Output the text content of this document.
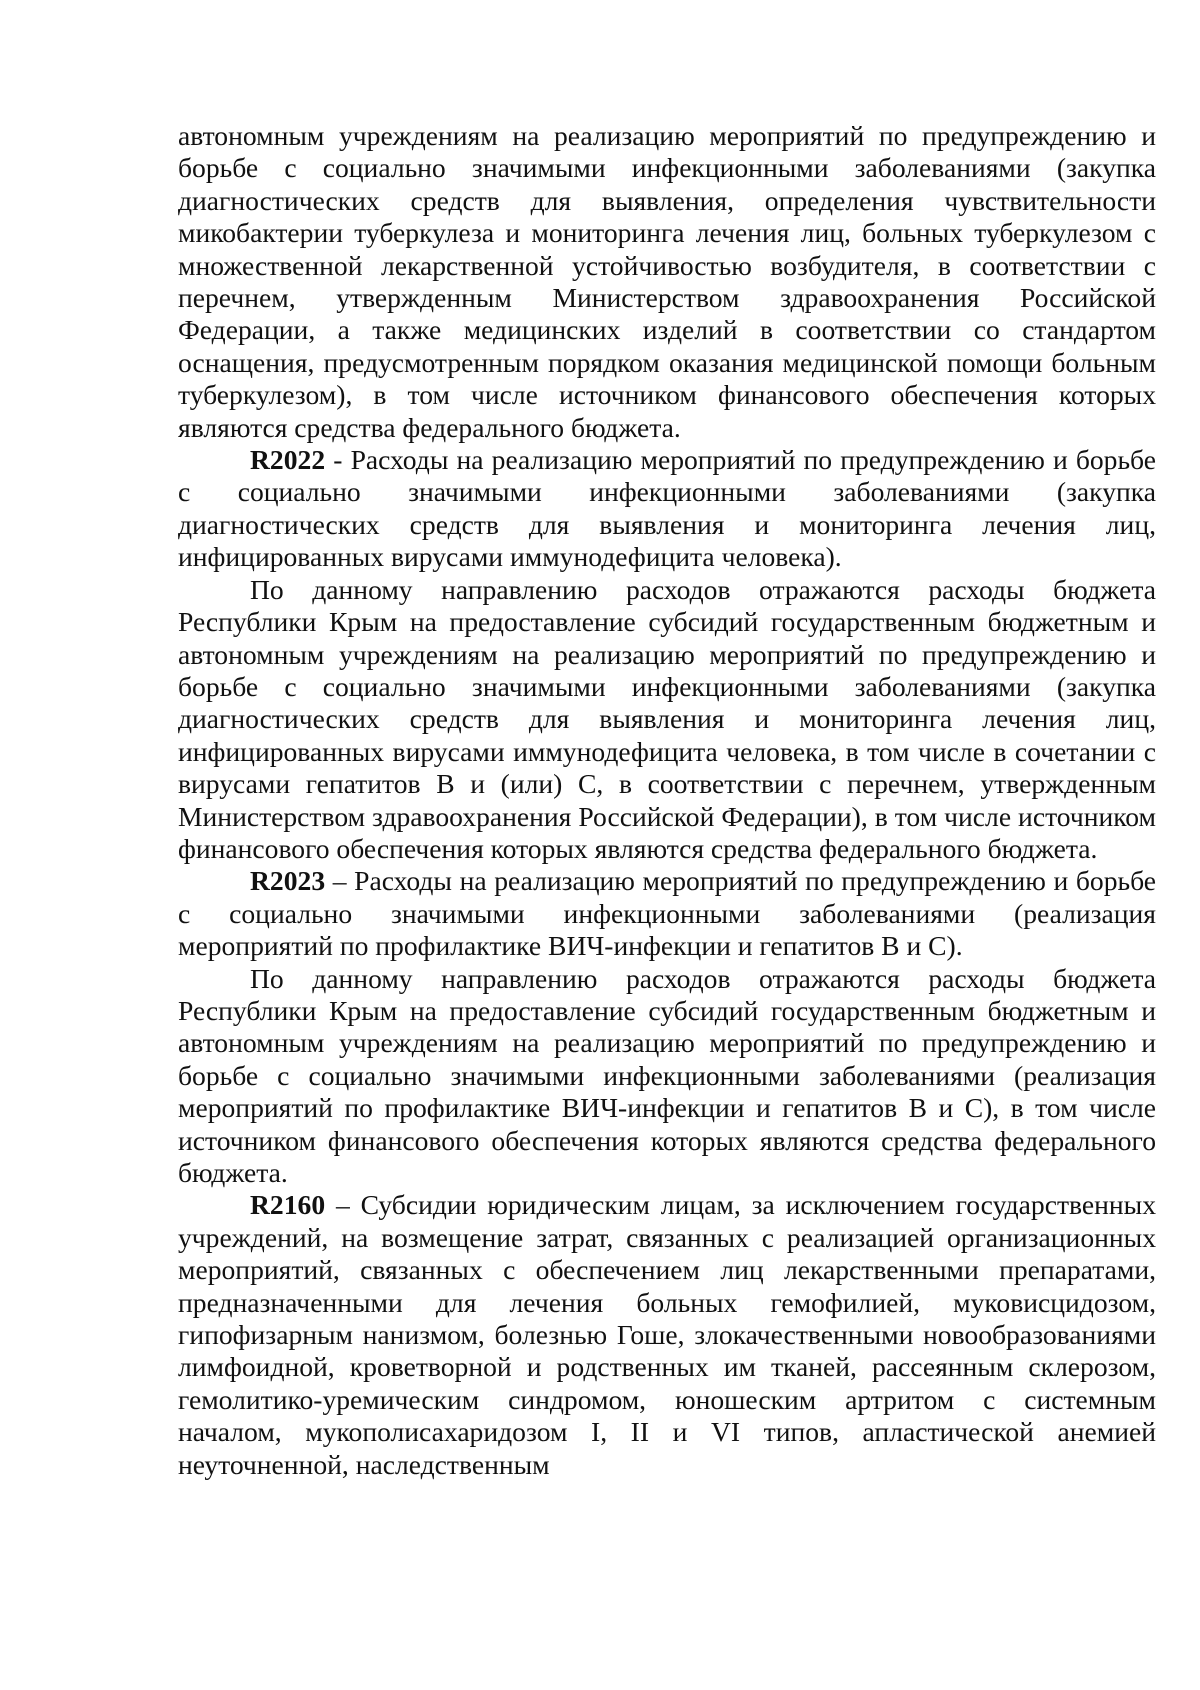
автономным учреждениям на реализацию мероприятий по предупреждению и борьбе с социально значимыми инфекционными заболеваниями (закупка диагностических средств для выявления, определения чувствительности микобактерии туберкулеза и мониторинга лечения лиц, больных туберкулезом с множественной лекарственной устойчивостью возбудителя, в соответствии с перечнем, утвержденным Министерством здравоохранения Российской Федерации, а также медицинских изделий в соответствии со стандартом оснащения, предусмотренным порядком оказания медицинской помощи больным туберкулезом), в том числе источником финансового обеспечения которых являются средства федерального бюджета.

R2022 - Расходы на реализацию мероприятий по предупреждению и борьбе с социально значимыми инфекционными заболеваниями (закупка диагностических средств для выявления и мониторинга лечения лиц, инфицированных вирусами иммунодефицита человека).

По данному направлению расходов отражаются расходы бюджета Республики Крым на предоставление субсидий государственным бюджетным и автономным учреждениям на реализацию мероприятий по предупреждению и борьбе с социально значимыми инфекционными заболеваниями (закупка диагностических средств для выявления и мониторинга лечения лиц, инфицированных вирусами иммунодефицита человека, в том числе в сочетании с вирусами гепатитов В и (или) С, в соответствии с перечнем, утвержденным Министерством здравоохранения Российской Федерации), в том числе источником финансового обеспечения которых являются средства федерального бюджета.

R2023 – Расходы на реализацию мероприятий по предупреждению и борьбе с социально значимыми инфекционными заболеваниями (реализация мероприятий по профилактике ВИЧ-инфекции и гепатитов В и С).

По данному направлению расходов отражаются расходы бюджета Республики Крым на предоставление субсидий государственным бюджетным и автономным учреждениям на реализацию мероприятий по предупреждению и борьбе с социально значимыми инфекционными заболеваниями (реализация мероприятий по профилактике ВИЧ-инфекции и гепатитов В и С), в том числе источником финансового обеспечения которых являются средства федерального бюджета.

R2160 – Субсидии юридическим лицам, за исключением государственных учреждений, на возмещение затрат, связанных с реализацией организационных мероприятий, связанных с обеспечением лиц лекарственными препаратами, предназначенными для лечения больных гемофилией, муковисцидозом, гипофизарным нанизмом, болезнью Гоше, злокачественными новообразованиями лимфоидной, кроветворной и родственных им тканей, рассеянным склерозом, гемолитико-уремическим синдромом, юношеским артритом с системным началом, мукополисахаридозом I, II и VI типов, апластической анемией неуточненной, наследственным
